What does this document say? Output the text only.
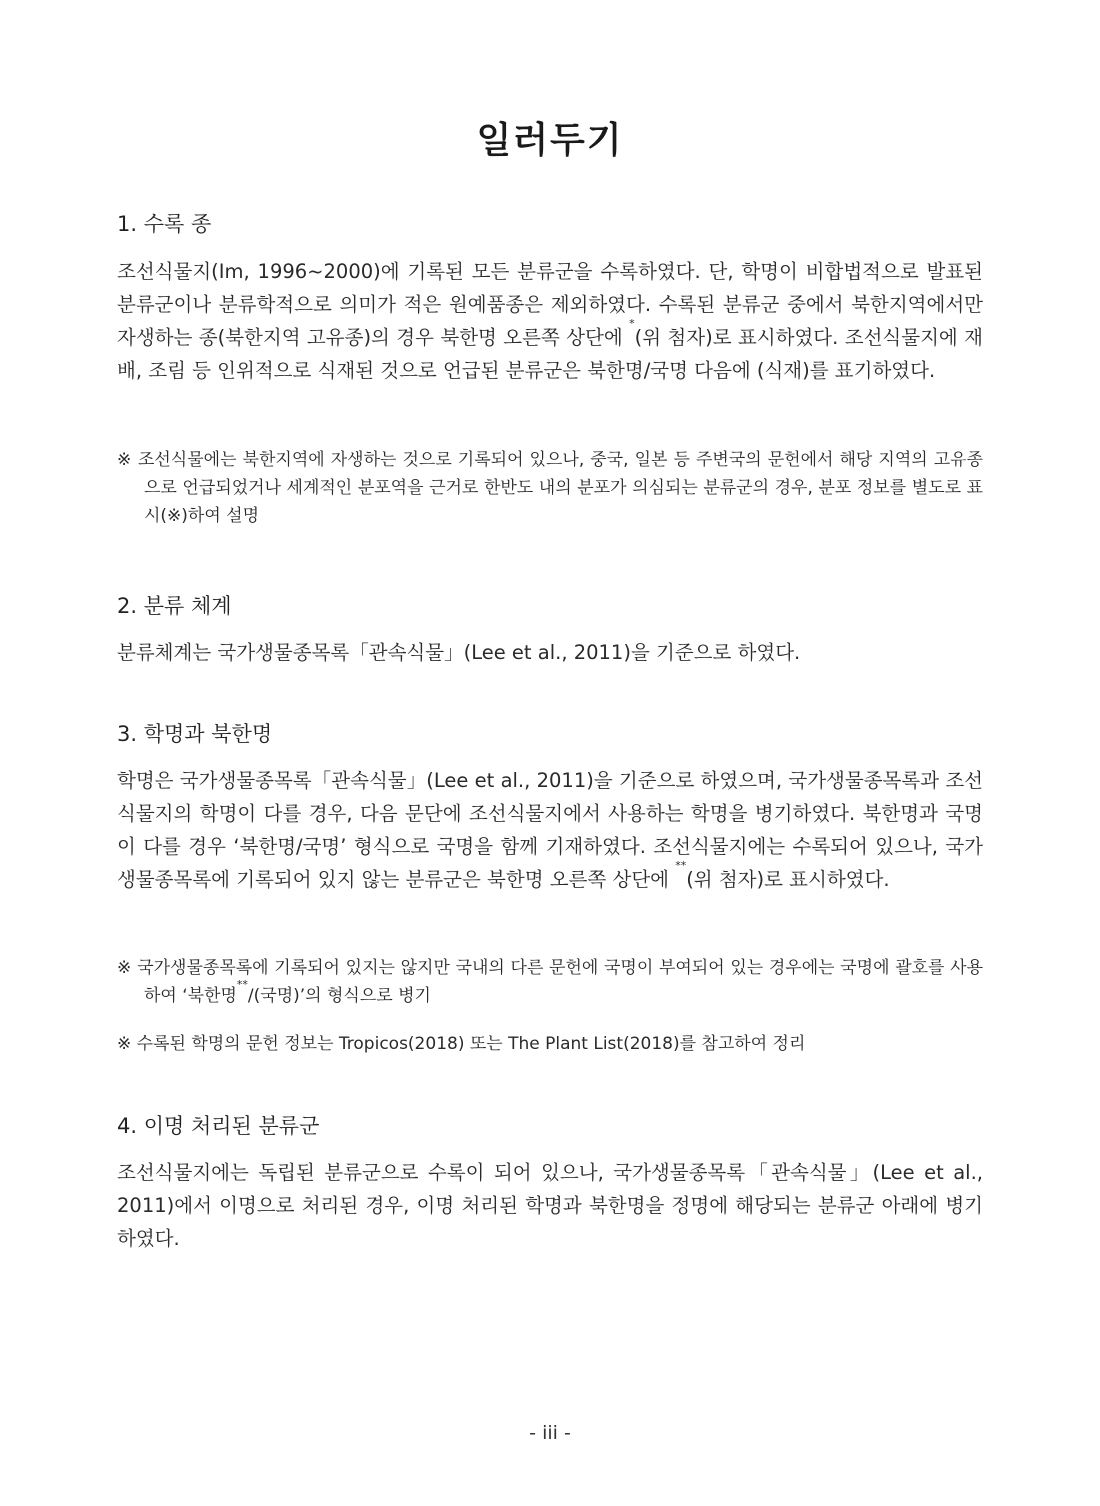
일러두기
1. 수록 종

조선식물지(Im, 1996~2000)에 기록된 모든 분류군을 수록하였다. 단, 학명이 비합법적으로 발표된 분류군이나 분류학적으로 의미가 적은 원예품종은 제외하였다. 수록된 분류군 중에서 북한지역에서만 자생하는 종(북한지역 고유종)의 경우 북한명 오른쪽 상단에 *(위 첨자)로 표시하였다. 조선식물지에 재배, 조림 등 인위적으로 식재된 것으로 언급된 분류군은 북한명/국명 다음에 (식재)를 표기하였다.

※ 조선식물에는 북한지역에 자생하는 것으로 기록되어 있으나, 중국, 일본 등 주변국의 문헌에서 해당 지역의 고유종으로 언급되었거나 세계적인 분포역을 근거로 한반도 내의 분포가 의심되는 분류군의 경우, 분포 정보를 별도로 표시(※)하여 설명

2. 분류 체계

분류체계는 국가생물종목록「관속식물」(Lee et al., 2011)을 기준으로 하였다.

3. 학명과 북한명

학명은 국가생물종목록「관속식물」(Lee et al., 2011)을 기준으로 하였으며, 국가생물종목록과 조선식물지의 학명이 다를 경우, 다음 문단에 조선식물지에서 사용하는 학명을 병기하였다. 북한명과 국명이 다를 경우 ‘북한명/국명’ 형식으로 국명을 함께 기재하였다. 조선식물지에는 수록되어 있으나, 국가생물종목록에 기록되어 있지 않는 분류군은 북한명 오른쪽 상단에 **(위 첨자)로 표시하였다.

※ 국가생물종목록에 기록되어 있지는 않지만 국내의 다른 문헌에 국명이 부여되어 있는 경우에는 국명에 괄호를 사용하여 ‘북한명**/(국명)’의 형식으로 병기

※ 수록된 학명의 문헌 정보는 Tropicos(2018) 또는 The Plant List(2018)를 참고하여 정리

4. 이명 처리된 분류군

조선식물지에는 독립된 분류군으로 수록이 되어 있으나, 국가생물종목록「관속식물」(Lee et al., 2011)에서 이명으로 처리된 경우, 이명 처리된 학명과 북한명을 정명에 해당되는 분류군 아래에 병기하였다.

- iii -
